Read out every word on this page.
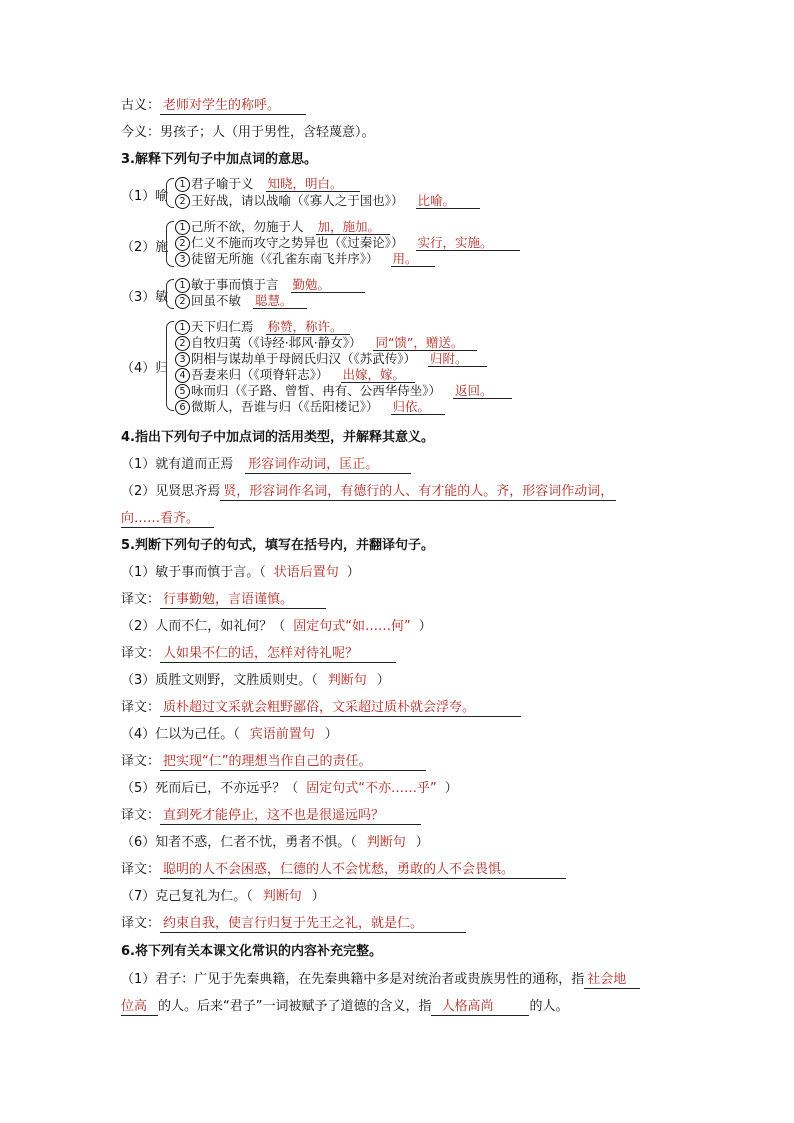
古义： 老师对学生的称呼。
今义：男孩子；人（用于男性，含轻蔑意）。
3.解释下列句子中加点词的意思。
（1）喻
1 君子喻于义 知晓，明白。
2 王好战，请以战喻（《寡人之于国也》） 比喻。
（2）施
1 己所不欲，勿施于人 加，施加。
2 仁义不施而攻守之势异也（《过秦论》） 实行，实施。
3 徒留无所施（《孔雀东南飞并序》） 用。
（3）敏
1 敏于事而慎于言 勤勉。
2 回虽不敏 聪慧。
（4）归
1 天下归仁焉 称赞，称许。
2 自牧归荑（《诗经·邶风·静女》） 同“馈”，赠送。
3 阴相与谋劫单于母阏氏归汉（《苏武传》） 归附。
4 吾妻来归（《项脊轩志》） 出嫁，嫁。
5 咏而归（《子路、曾皙、冉有、公西华侍坐》） 返回。
6 微斯人，吾谁与归（《岳阳楼记》） 归依。
4.指出下列句子中加点词的活用类型，并解释其意义。
（1）就有道而正焉 形容词作动词，匡正。
（2）见贤思齐焉 贤，形容词作名词，有德行的人、有才能的人。齐，形容词作动词，
向……看齐。
5.判断下列句子的句式，填写在括号内，并翻译句子。
（1）敏于事而慎于言。（ 状语后置句 ）
译文： 行事勤勉，言语谨慎。
（2）人而不仁，如礼何？（ 固定句式“如……何” ）
译文： 人如果不仁的话，怎样对待礼呢？
（3）质胜文则野，文胜质则史。（ 判断句 ）
译文： 质朴超过文采就会粗野鄙俗，文采超过质朴就会浮夸。
（4）仁以为己任。（ 宾语前置句 ）
译文： 把实现“仁”的理想当作自己的责任。
（5）死而后已，不亦远乎？（ 固定句式“不亦……乎” ）
译文： 直到死才能停止，这不也是很遥远吗？
（6）知者不惑，仁者不忧，勇者不惧。（ 判断句 ）
译文： 聪明的人不会困惑，仁德的人不会忧愁，勇敢的人不会畏惧。
（7）克己复礼为仁。（ 判断句 ）
译文： 约束自我，使言行归复于先王之礼，就是仁。
6.将下列有关本课文化常识的内容补充完整。
（1）君子：广见于先秦典籍，在先秦典籍中多是对统治者或贵族男性的通称，指 社会地
位高 的人。后来“君子”一词被赋予了道德的含义，指 人格高尚	的人。
